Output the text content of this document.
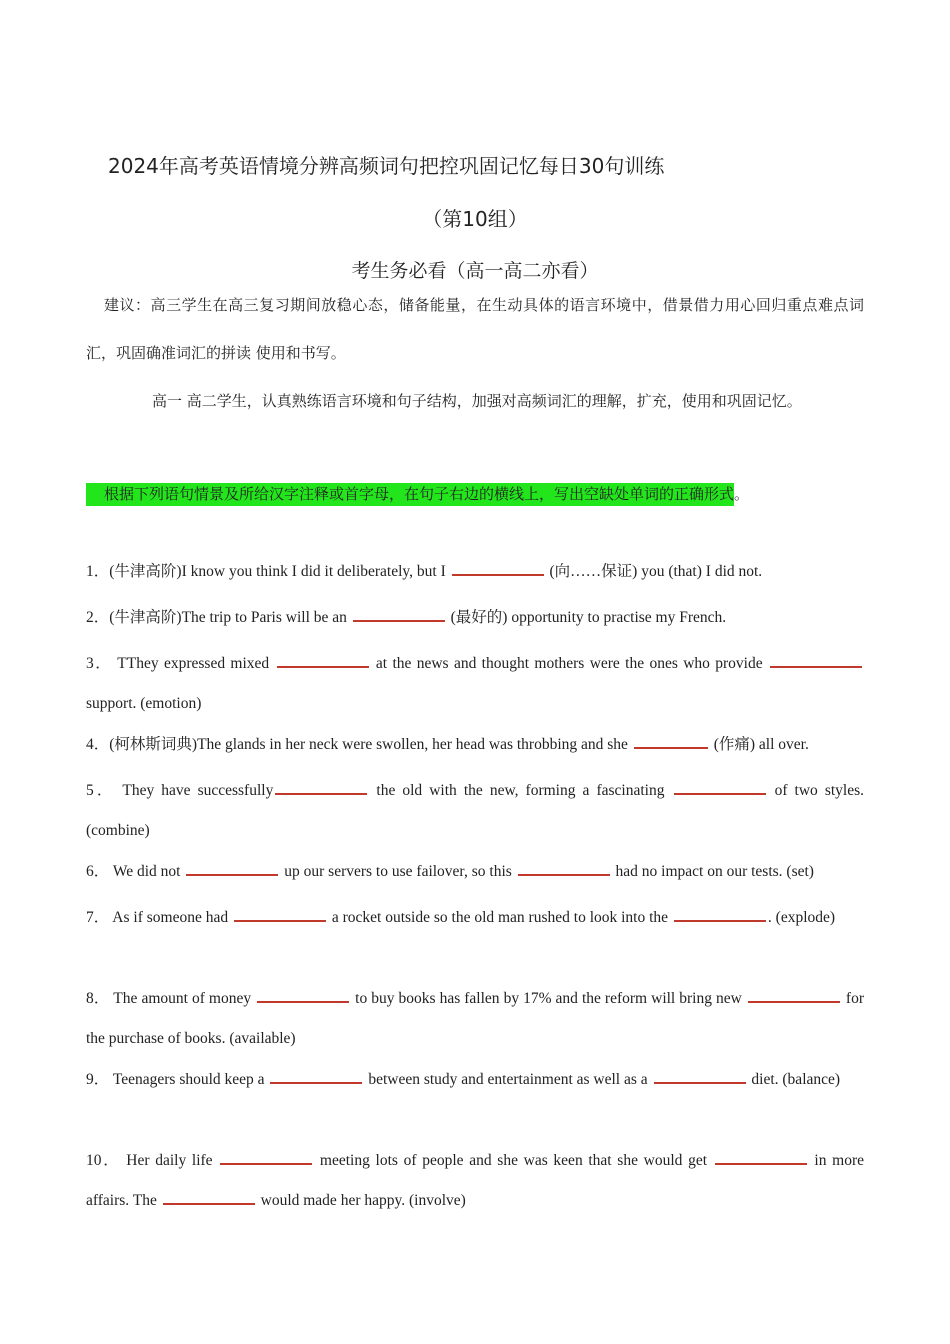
2024年高考英语情境分辨高频词句把控巩固记忆每日30句训练
（第10组）
考生务必看（高一高二亦看）
建议：高三学生在高三复习期间放稳心态，储备能量，在生动具体的语言环境中，借景借力用心回归重点难点词汇，巩固确准词汇的拼读 使用和书写。
高一 高二学生，认真熟练语言环境和句子结构，加强对高频词汇的理解，扩充，使用和巩固记忆。
根据下列语句情景及所给汉字注释或首字母，在句子右边的横线上，写出空缺处单词的正确形式。
1．(牛津高阶)I know you think I did it deliberately, but I	(向……保证) you (that) I did not.
2．(牛津高阶)The trip to Paris will be an	(最好的) opportunity to practise my French.
3． TThey expressed mixed	at the news and thought mothers were the ones who provide  support. (emotion)
4．(柯林斯词典)The glands in her neck were swollen, her head was throbbing and she	(作痛) all over.
5． They have successfully	the old with the new, forming a fascinating	of two styles. (combine)
6． We did not	up our servers to use failover, so this	had no impact on our tests. (set)
7． As if someone had	a rocket outside so the old man rushed to look into the	. (explode)
8． The amount of money	to buy books has fallen by 17% and the reform will bring new	for the purchase of books. (available)
9． Teenagers should keep a	between study and entertainment as well as a	diet. (balance)
10． Her daily life	meeting lots of people and she was keen that she would get	in more affairs. The	would made her happy. (involve)
